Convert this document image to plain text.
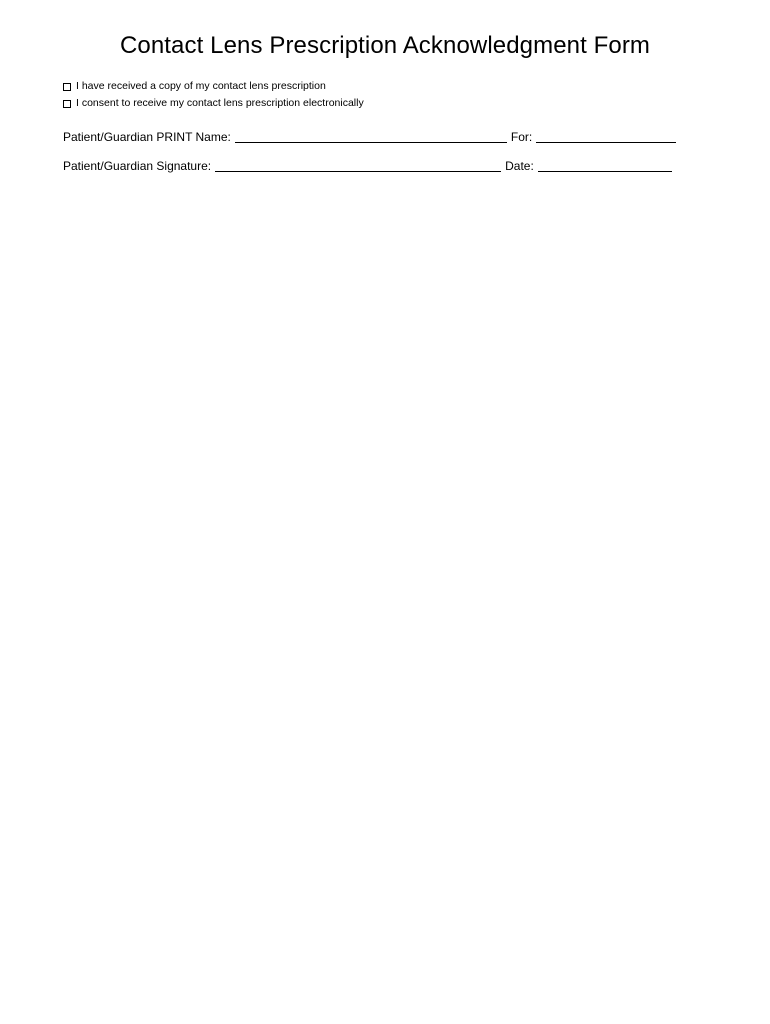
Contact Lens Prescription Acknowledgment Form
I have received a copy of my contact lens prescription
I consent to receive my contact lens prescription electronically
Patient/Guardian PRINT Name:	For:
Patient/Guardian Signature:	Date:
